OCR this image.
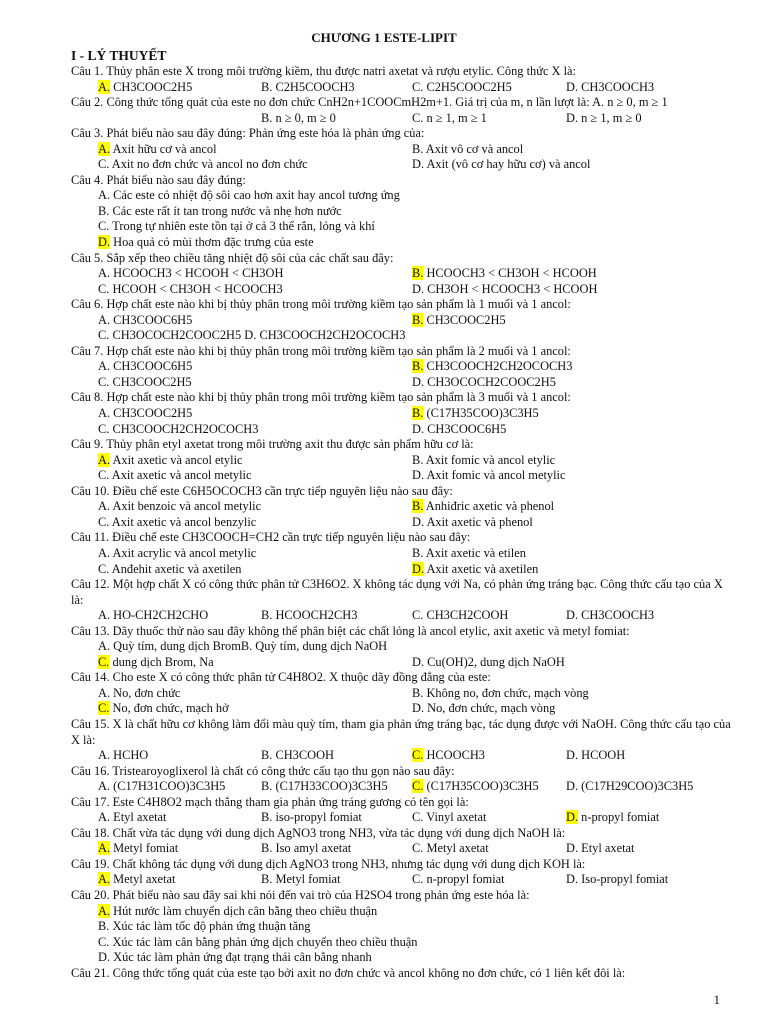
CHƯƠNG 1 ESTE-LIPIT
I - LÝ THUYẾT
Câu 1. Thủy phân este X trong môi trường kiềm, thu được natri axetat và rượu etylic. Công thức X là:
A. CH3COOC2H5	B. C2H5COOCH3	C. C2H5COOC2H5	D. CH3COOCH3
Câu 2. Công thức tổng quát của este no đơn chức CnH2n+1COOCmH2m+1. Giá trị của m, n lần lượt là: A. n ≥ 0, m ≥ 1
B. n ≥ 0, m ≥ 0	C. n ≥ 1, m ≥ 1	D. n ≥ 1, m ≥ 0
Câu 3. Phát biểu nào sau đây đúng: Phản ứng este hóa là phản ứng của:
A. Axit hữu cơ và ancol	B. Axit vô cơ và ancol
C. Axit no đơn chức và ancol no đơn chức	D. Axit (vô cơ hay hữu cơ) và ancol
Câu 4. Phát biểu nào sau đây đúng:
A. Các este có nhiệt độ sôi cao hơn axit hay ancol tương ứng
B. Các este rất ít tan trong nước và nhẹ hơn nước
C. Trong tự nhiên este tồn tại ở cả 3 thể rắn, lỏng và khí
D. Hoa quả có mùi thơm đặc trưng của este
Câu 5. Sắp xếp theo chiều tăng nhiệt độ sôi của các chất sau đây:
A. HCOOCH3 < HCOOH < CH3OH	B. HCOOCH3 < CH3OH < HCOOH
C. HCOOH < CH3OH < HCOOCH3	D. CH3OH < HCOOCH3 < HCOOH
Câu 6. Hợp chất este nào khi bị thủy phân trong môi trường kiềm tạo sản phẩm là 1 muối và 1 ancol:
A. CH3COOC6H5	B. CH3COOC2H5
C. CH3OCOCH2COOC2H5 D. CH3COOCH2CH2OCOCH3
Câu 7. Hợp chất este nào khi bị thủy phân trong môi trường kiềm tạo sản phẩm là 2 muối và 1 ancol:
A. CH3COOC6H5	B. CH3COOCH2CH2OCOCH3
C. CH3COOC2H5	D. CH3OCOCH2COOC2H5
Câu 8. Hợp chất este nào khi bị thủy phân trong môi trường kiềm tạo sản phẩm là 3 muối và 1 ancol:
A. CH3COOC2H5	B. (C17H35COO)3C3H5
C. CH3COOCH2CH2OCOCH3	D. CH3COOC6H5
Câu 9. Thủy phân etyl axetat trong môi trường axit thu được sản phẩm hữu cơ là:
A. Axit axetic và ancol etylic	B. Axit fomic và ancol etylic
C. Axit axetic và ancol metylic	D. Axit fomic và ancol metylic
Câu 10. Điều chế este C6H5OCOCH3 cần trực tiếp nguyên liệu nào sau đây:
A. Axit benzoic và ancol metylic	B. Anhiđric axetic và phenol
C. Axit axetic và ancol benzylic	D. Axit axetic và phenol
Câu 11. Điều chế este CH3COOCH=CH2 cần trực tiếp nguyên liệu nào sau đây:
A. Axit acrylic và ancol metylic	B. Axit axetic và etilen
C. Anđehit axetic và axetilen	D. Axit axetic và axetilen
Câu 12. Một hợp chất X có công thức phân tử C3H6O2. X không tác dụng với Na, có phản ứng tráng bạc. Công thức cấu tạo của X là:
A. HO-CH2CH2CHO	B. HCOOCH2CH3	C. CH3CH2COOH	D. CH3COOCH3
Câu 13. Dãy thuốc thử nào sau đây không thể phân biệt các chất lỏng là ancol etylic, axit axetic và metyl fomiat:
A. Quỳ tím, dung dịch BromB. Quỳ tím, dung dịch NaOH
C. dung dịch Brom, Na	D. Cu(OH)2, dung dịch NaOH
Câu 14. Cho este X có công thức phân tử C4H8O2. X thuộc dãy đồng đẳng của este:
A. No, đơn chức	B. Không no, đơn chức, mạch vòng
C. No, đơn chức, mạch hở	D. No, đơn chức, mạch vòng
Câu 15. X là chất hữu cơ không làm đổi màu quỳ tím, tham gia phản ứng tráng bạc, tác dụng được với NaOH. Công thức cấu tạo của X là:
A. HCHO	B. CH3COOH	C. HCOOCH3	D. HCOOH
Câu 16. Tristearoyoglixerol là chất có công thức cấu tạo thu gọn nào sau đây:
A. (C17H31COO)3C3H5	B. (C17H33COO)3C3H5 C. (C17H35COO)3C3H5 D. (C17H29COO)3C3H5
Câu 17. Este C4H8O2 mạch thẳng tham gia phản ứng tráng gương có tên gọi là:
A. Etyl axetat	B. iso-propyl fomiat	C. Vinyl axetat	D. n-propyl fomiat
Câu 18. Chất vừa tác dụng với dung dịch AgNO3 trong NH3, vừa tác dụng với dung dịch NaOH là:
A. Metyl fomiat	B. Iso amyl axetat	C. Metyl axetat	D. Etyl axetat
Câu 19. Chất không tác dụng với dung dịch AgNO3 trong NH3, nhưng tác dụng với dung dịch KOH là:
A. Metyl axetat	B. Metyl fomiat	C. n-propyl fomiat	D. Iso-propyl fomiat
Câu 20. Phát biểu nào sau đây sai khi nói đến vai trò của H2SO4 trong phản ứng este hóa là:
A. Hút nước làm chuyển dịch cân bằng theo chiều thuận
B. Xúc tác làm tốc độ phản ứng thuận tăng
C. Xúc tác làm cân bằng phản ứng dịch chuyển theo chiều thuận
D. Xúc tác làm phản ứng đạt trạng thái cân bằng nhanh
Câu 21. Công thức tổng quát của este tạo bởi axit no đơn chức và ancol không no đơn chức, có 1 liên kết đôi là:
1
